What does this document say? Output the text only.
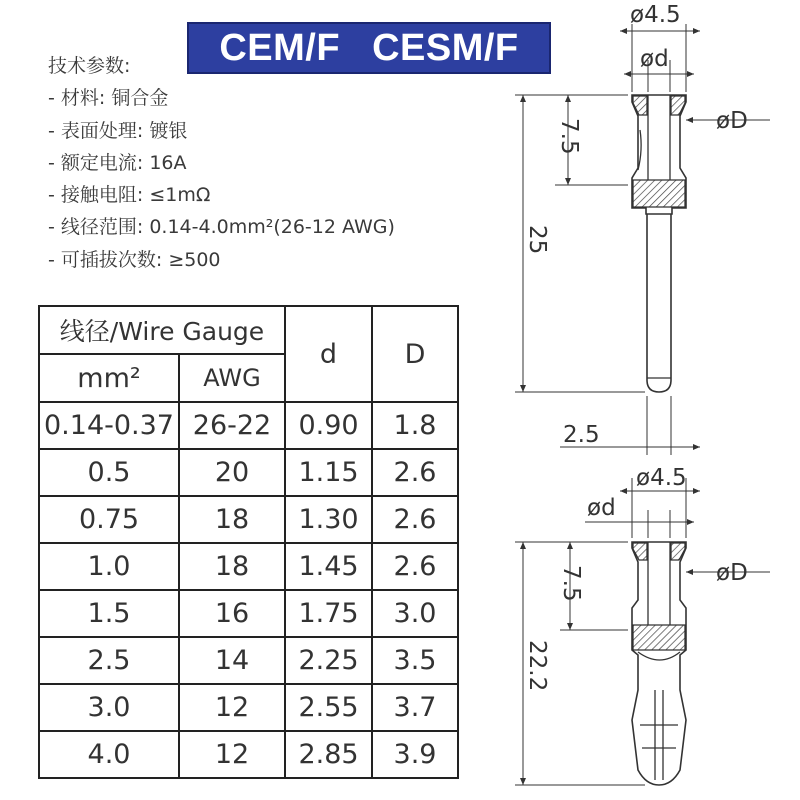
CEM/F CESM/F
技术参数:
- 材料: 铜合金
- 表面处理: 镀银
- 额定电流: 16A
- 接触电阻: ≤1mΩ
- 线径范围: 0.14-4.0mm²(26-12 AWG)
- 可插拔次数: ≥500
线径/Wire Gauge		d	D
mm²	AWG		
0.14-0.37	26-22	0.90	1.8
0.5	20	1.15	2.6
0.75	18	1.30	2.6
1.0	18	1.45	2.6
1.5	16	1.75	3.0
2.5	14	2.25	3.5
3.0	12	2.55	3.7
4.0	12	2.85	3.9
ø4.5
ød
øD
7.5
25
2.5
ø4.5
ød
øD
7.5
22.2
